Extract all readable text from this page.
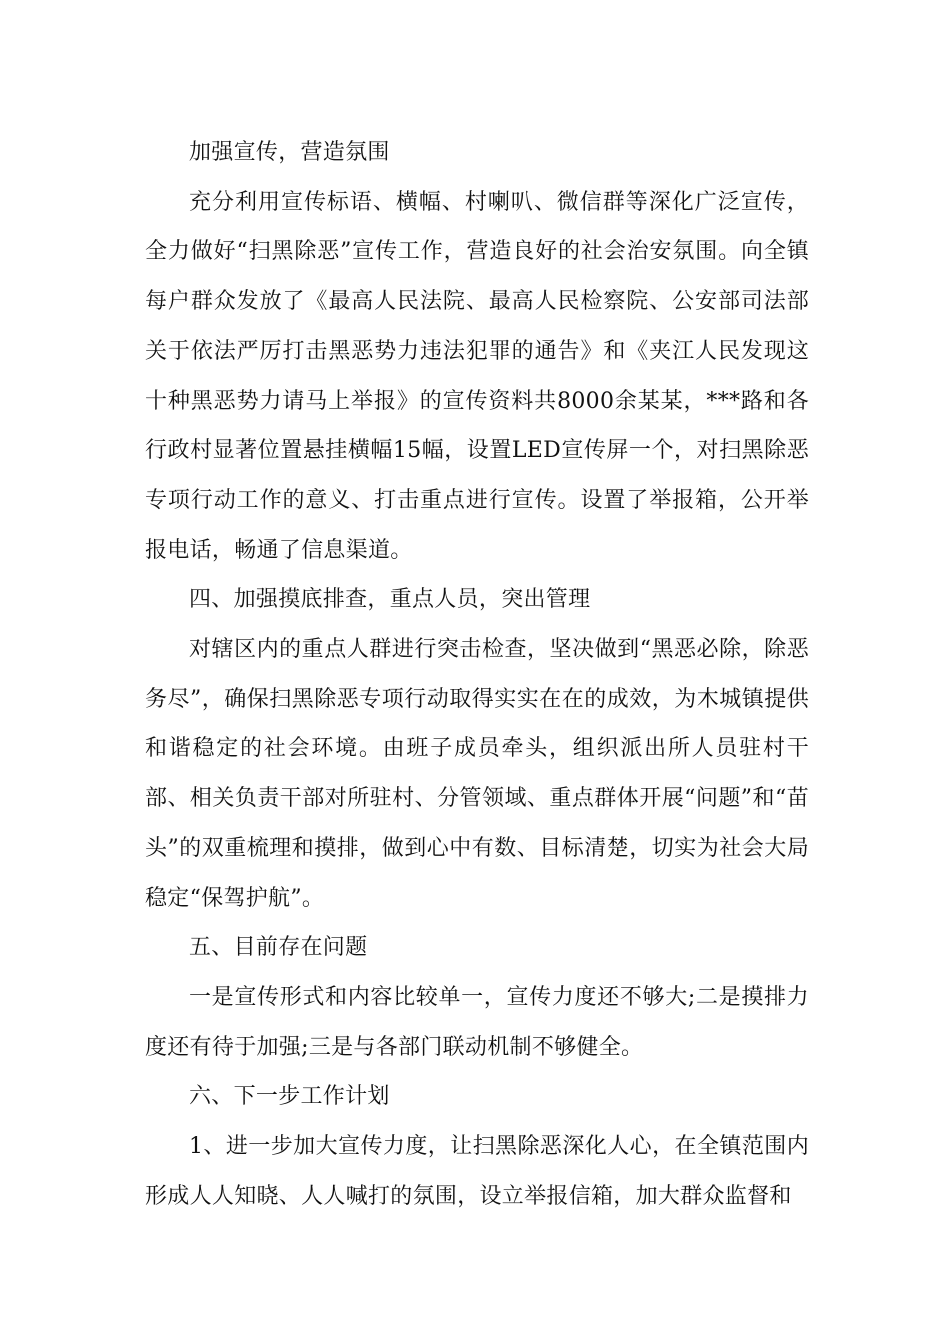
加强宣传，营造氛围

充分利用宣传标语、横幅、村喇叭、微信群等深化广泛宣传，全力做好“扫黑除恶”宣传工作，营造良好的社会治安氛围。向全镇每户群众发放了《最高人民法院、最高人民检察院、公安部司法部关于依法严厉打击黑恶势力违法犯罪的通告》和《夹江人民发现这十种黑恶势力请马上举报》的宣传资料共8000余某某，***路和各行政村显著位置悬挂横幅15幅，设置LED宣传屏一个，对扫黑除恶专项行动工作的意义、打击重点进行宣传。设置了举报箱，公开举报电话，畅通了信息渠道。

四、加强摸底排查，重点人员，突出管理

对辖区内的重点人群进行突击检查，坚决做到“黑恶必除，除恶务尽”，确保扫黑除恶专项行动取得实实在在的成效，为木城镇提供和谐稳定的社会环境。由班子成员牵头，组织派出所人员驻村干部、相关负责干部对所驻村、分管领域、重点群体开展“问题”和“苗头”的双重梳理和摸排，做到心中有数、目标清楚，切实为社会大局稳定“保驾护航”。

五、目前存在问题

一是宣传形式和内容比较单一，宣传力度还不够大;二是摸排力度还有待于加强;三是与各部门联动机制不够健全。

六、下一步工作计划

1、进一步加大宣传力度，让扫黑除恶深化人心，在全镇范围内形成人人知晓、人人喊打的氛围，设立举报信箱，加大群众监督和
